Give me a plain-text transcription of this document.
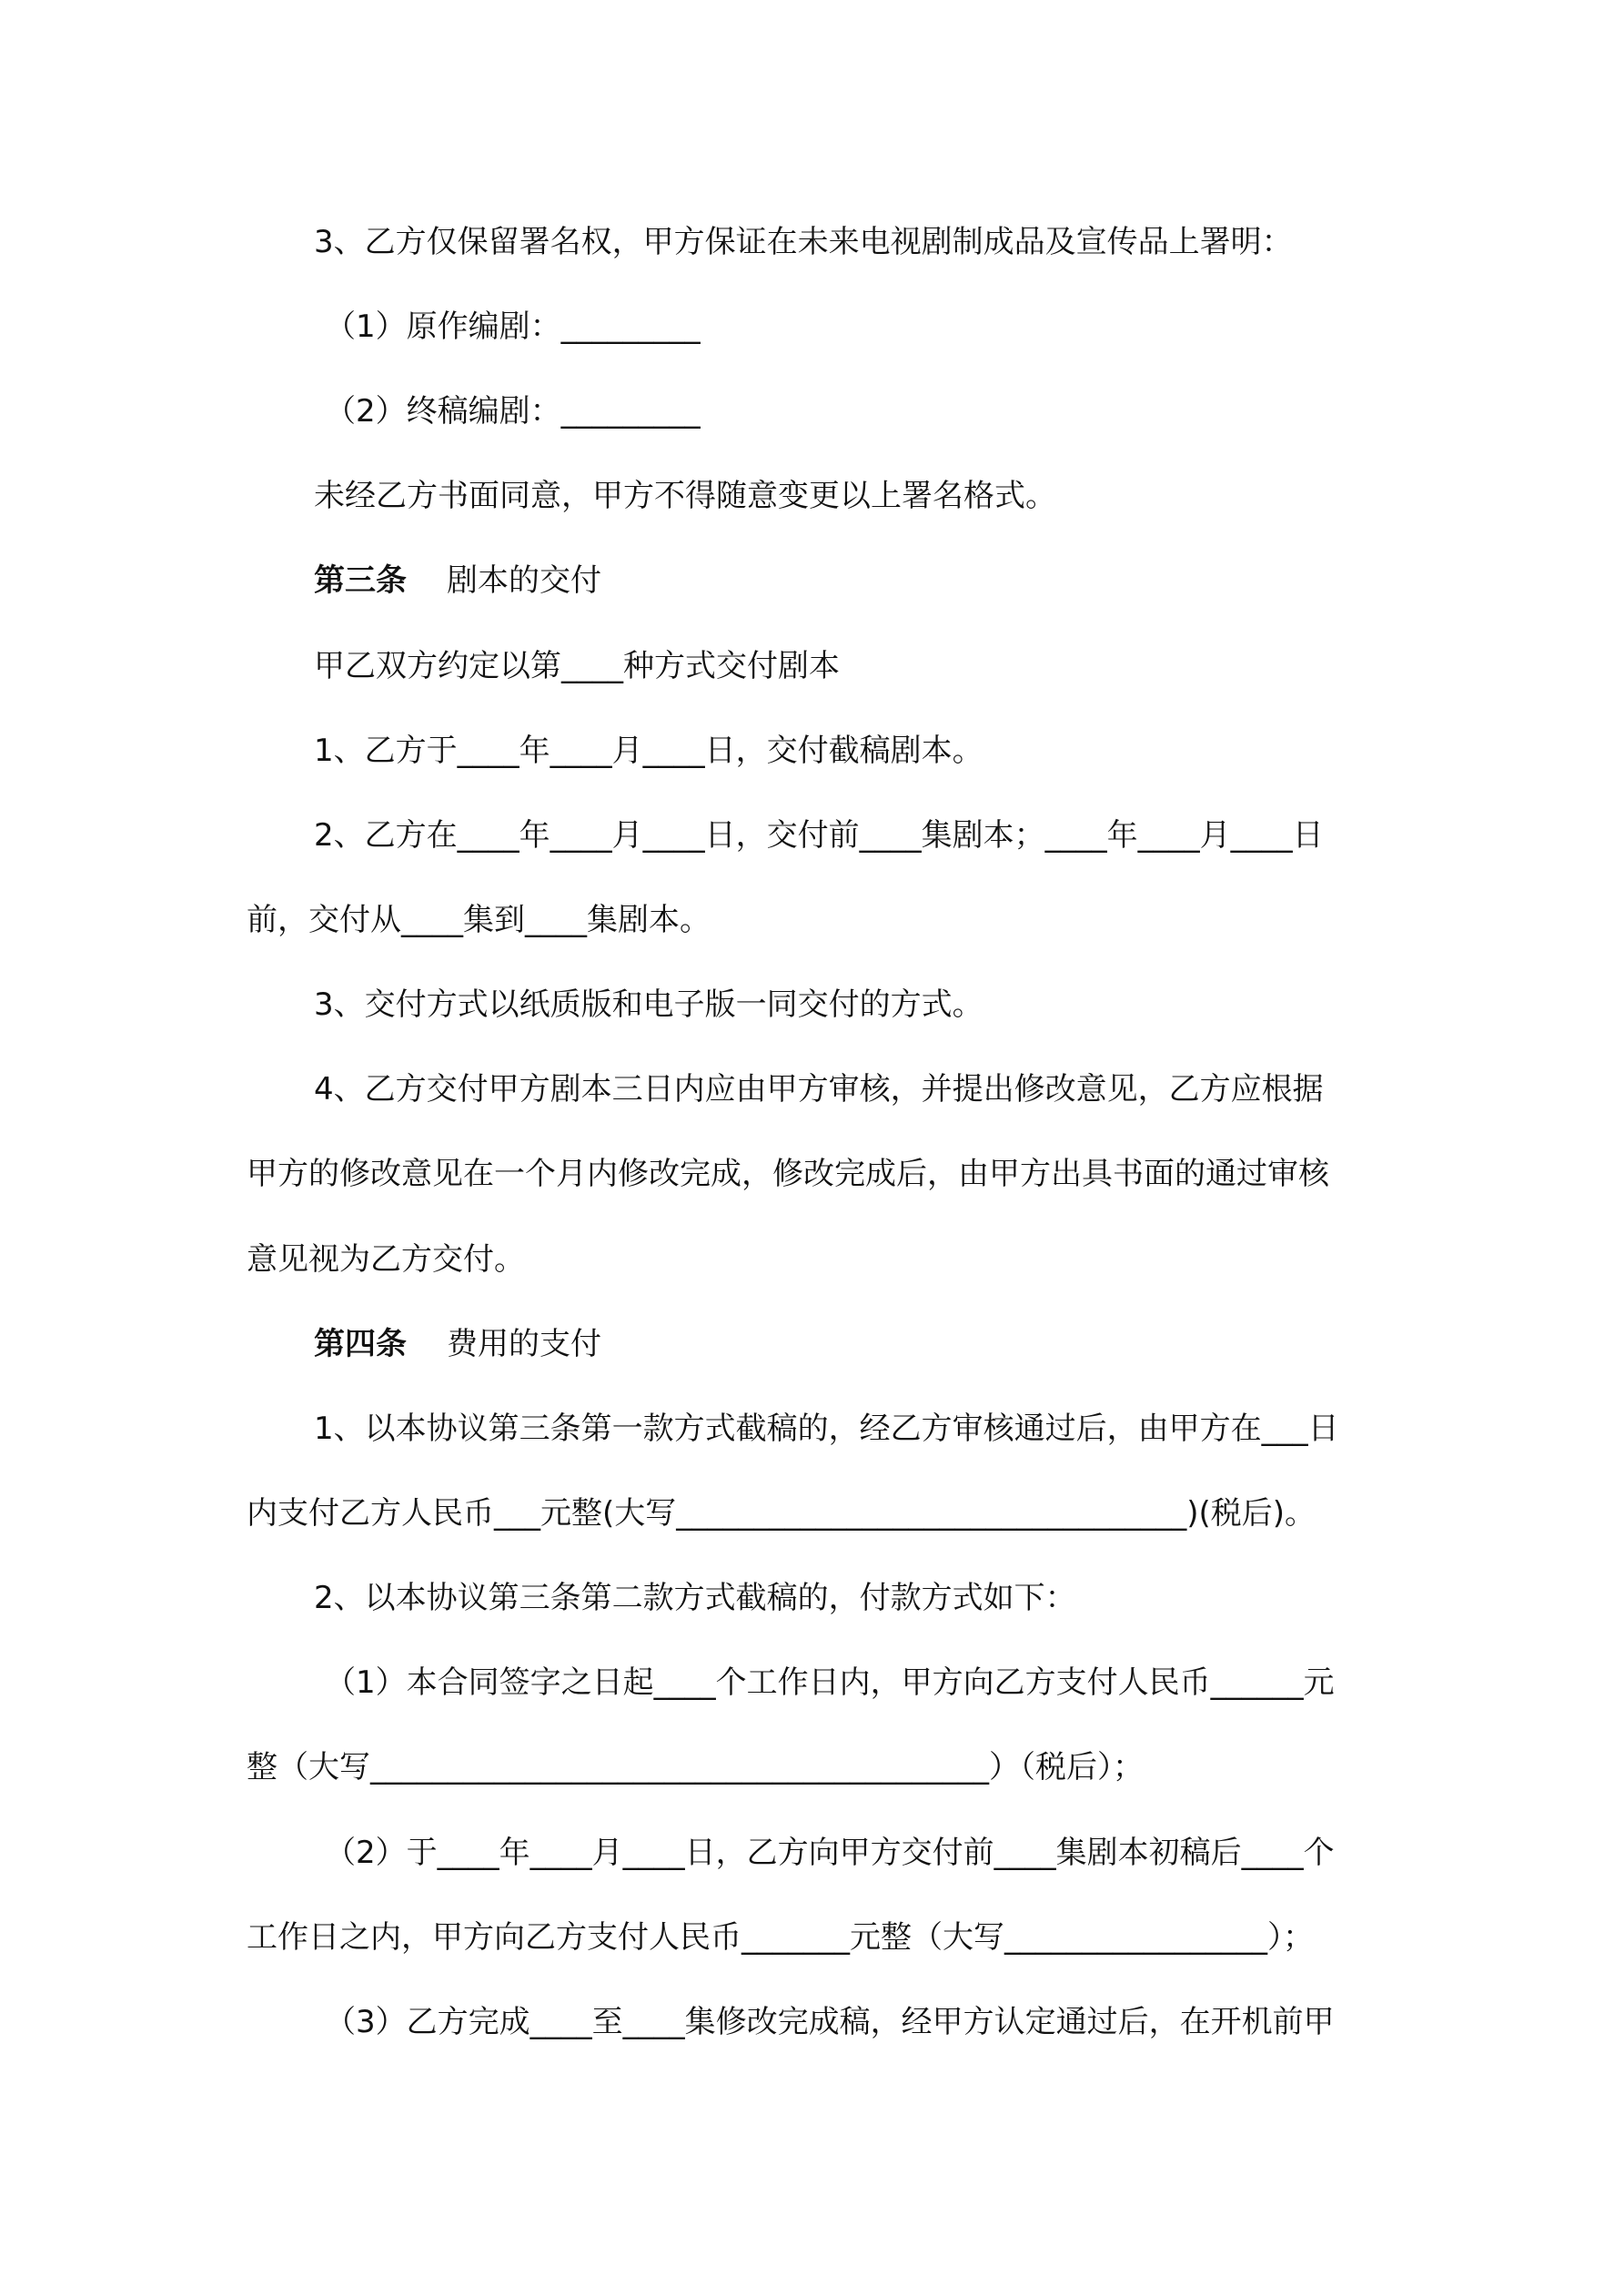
3、乙方仅保留署名权，甲方保证在未来电视剧制成品及宣传品上署明：
（1）原作编剧：_________
（2）终稿编剧：_________
未经乙方书面同意，甲方不得随意变更以上署名格式。
第三条 剧本的交付
甲乙双方约定以第____种方式交付剧本
1、乙方于____年____月____日，交付截稿剧本。
2、乙方在____年____月____日，交付前____集剧本；____年____月____日
前，交付从____集到____集剧本。
3、交付方式以纸质版和电子版一同交付的方式。
4、乙方交付甲方剧本三日内应由甲方审核，并提出修改意见，乙方应根据
甲方的修改意见在一个月内修改完成，修改完成后，由甲方出具书面的通过审核
意见视为乙方交付。
第四条 费用的支付
1、以本协议第三条第一款方式截稿的，经乙方审核通过后，由甲方在___日
内支付乙方人民币___元整(大写_________________________________)(税后)。
2、以本协议第三条第二款方式截稿的，付款方式如下：
（1）本合同签字之日起____个工作日内，甲方向乙方支付人民币______元
整（大写________________________________________）（税后）；
（2）于____年____月____日，乙方向甲方交付前____集剧本初稿后____个
工作日之内，甲方向乙方支付人民币_______元整（大写_________________）；
（3）乙方完成____至____集修改完成稿，经甲方认定通过后，在开机前甲
